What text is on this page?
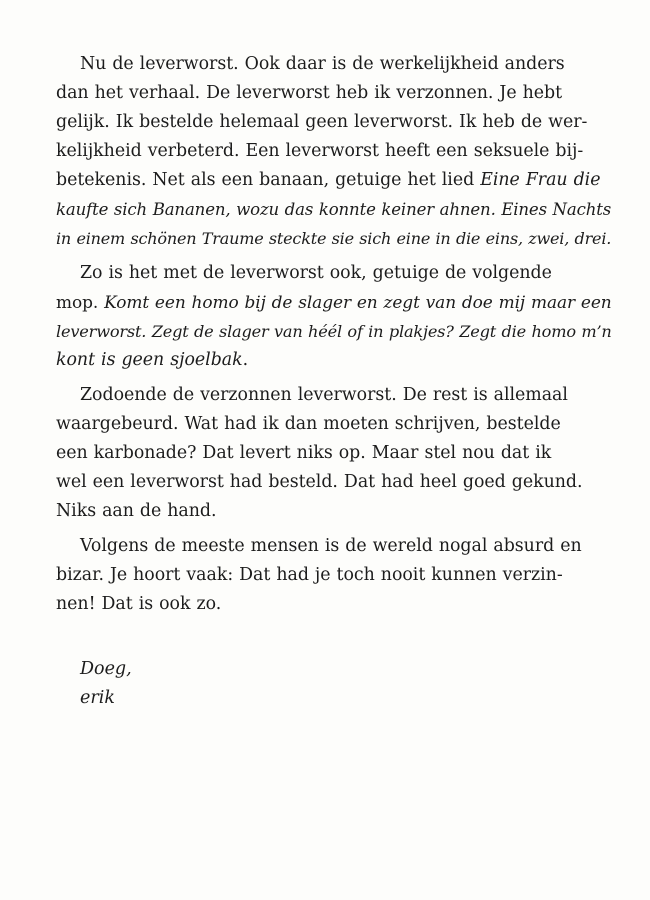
Nu de leverworst. Ook daar is de werkelijkheid anders
dan het verhaal. De leverworst heb ik verzonnen. Je hebt
gelijk. Ik bestelde helemaal geen leverworst. Ik heb de wer-
kelijkheid verbeterd. Een leverworst heeft een seksuele bij-
betekenis. Net als een banaan, getuige het lied Eine Frau die
kaufte sich Bananen, wozu das konnte keiner ahnen. Eines Nachts
in einem schönen Traume steckte sie sich eine in die eins, zwei, drei.
Zo is het met de leverworst ook, getuige de volgende
mop. Komt een homo bij de slager en zegt van doe mij maar een
leverworst. Zegt de slager van héél of in plakjes? Zegt die homo m’n
kont is geen sjoelbak.
Zodoende de verzonnen leverworst. De rest is allemaal
waargebeurd. Wat had ik dan moeten schrijven, bestelde
een karbonade? Dat levert niks op. Maar stel nou dat ik
wel een leverworst had besteld. Dat had heel goed gekund.
Niks aan de hand.
Volgens de meeste mensen is de wereld nogal absurd en
bizar. Je hoort vaak: Dat had je toch nooit kunnen verzin-
nen! Dat is ook zo.
Doeg,
erik
